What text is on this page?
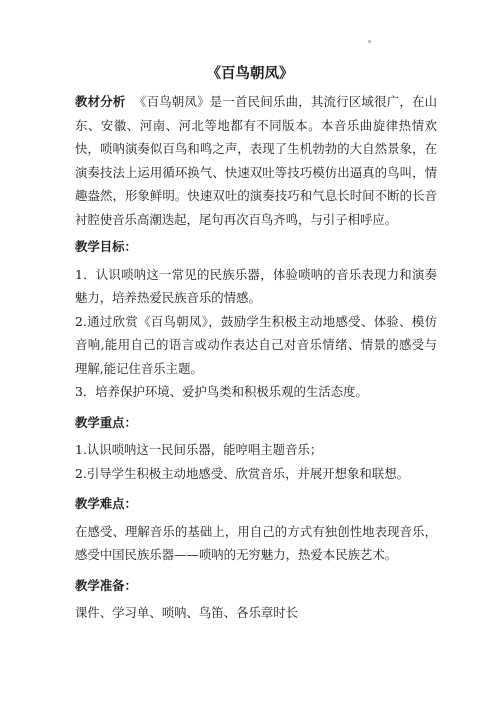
《百鸟朝凤》

教材分析 《百鸟朝凤》是一首民间乐曲，其流行区域很广，在山东、安徽、河南、河北等地都有不同版本。本音乐曲旋律热情欢快，唢呐演奏似百鸟和鸣之声，表现了生机勃勃的大自然景象，在演奏技法上运用循环换气、快速双吐等技巧模仿出逼真的鸟叫，情趣盎然，形象鲜明。快速双吐的演奏技巧和气息长时间不断的长音衬腔使音乐高潮迭起，尾句再次百鸟齐鸣，与引子相呼应。

教学目标：

1．认识唢呐这一常见的民族乐器，体验唢呐的音乐表现力和演奏魅力，培养热爱民族音乐的情感。

2.通过欣赏《百鸟朝凤》，鼓励学生积极主动地感受、体验、模仿音响,能用自己的语言或动作表达自己对音乐情绪、情景的感受与理解,能记住音乐主题。

3．培养保护环境、爱护鸟类和积极乐观的生活态度。

教学重点：

1.认识唢呐这一民间乐器，能哼唱主题音乐；

2.引导学生积极主动地感受、欣赏音乐，并展开想象和联想。

教学难点：

在感受、理解音乐的基础上，用自己的方式有独创性地表现音乐，感受中国民族乐器——唢呐的无穷魅力，热爱本民族艺术。

教学准备：

课件、学习单、唢呐、鸟笛、各乐章时长
